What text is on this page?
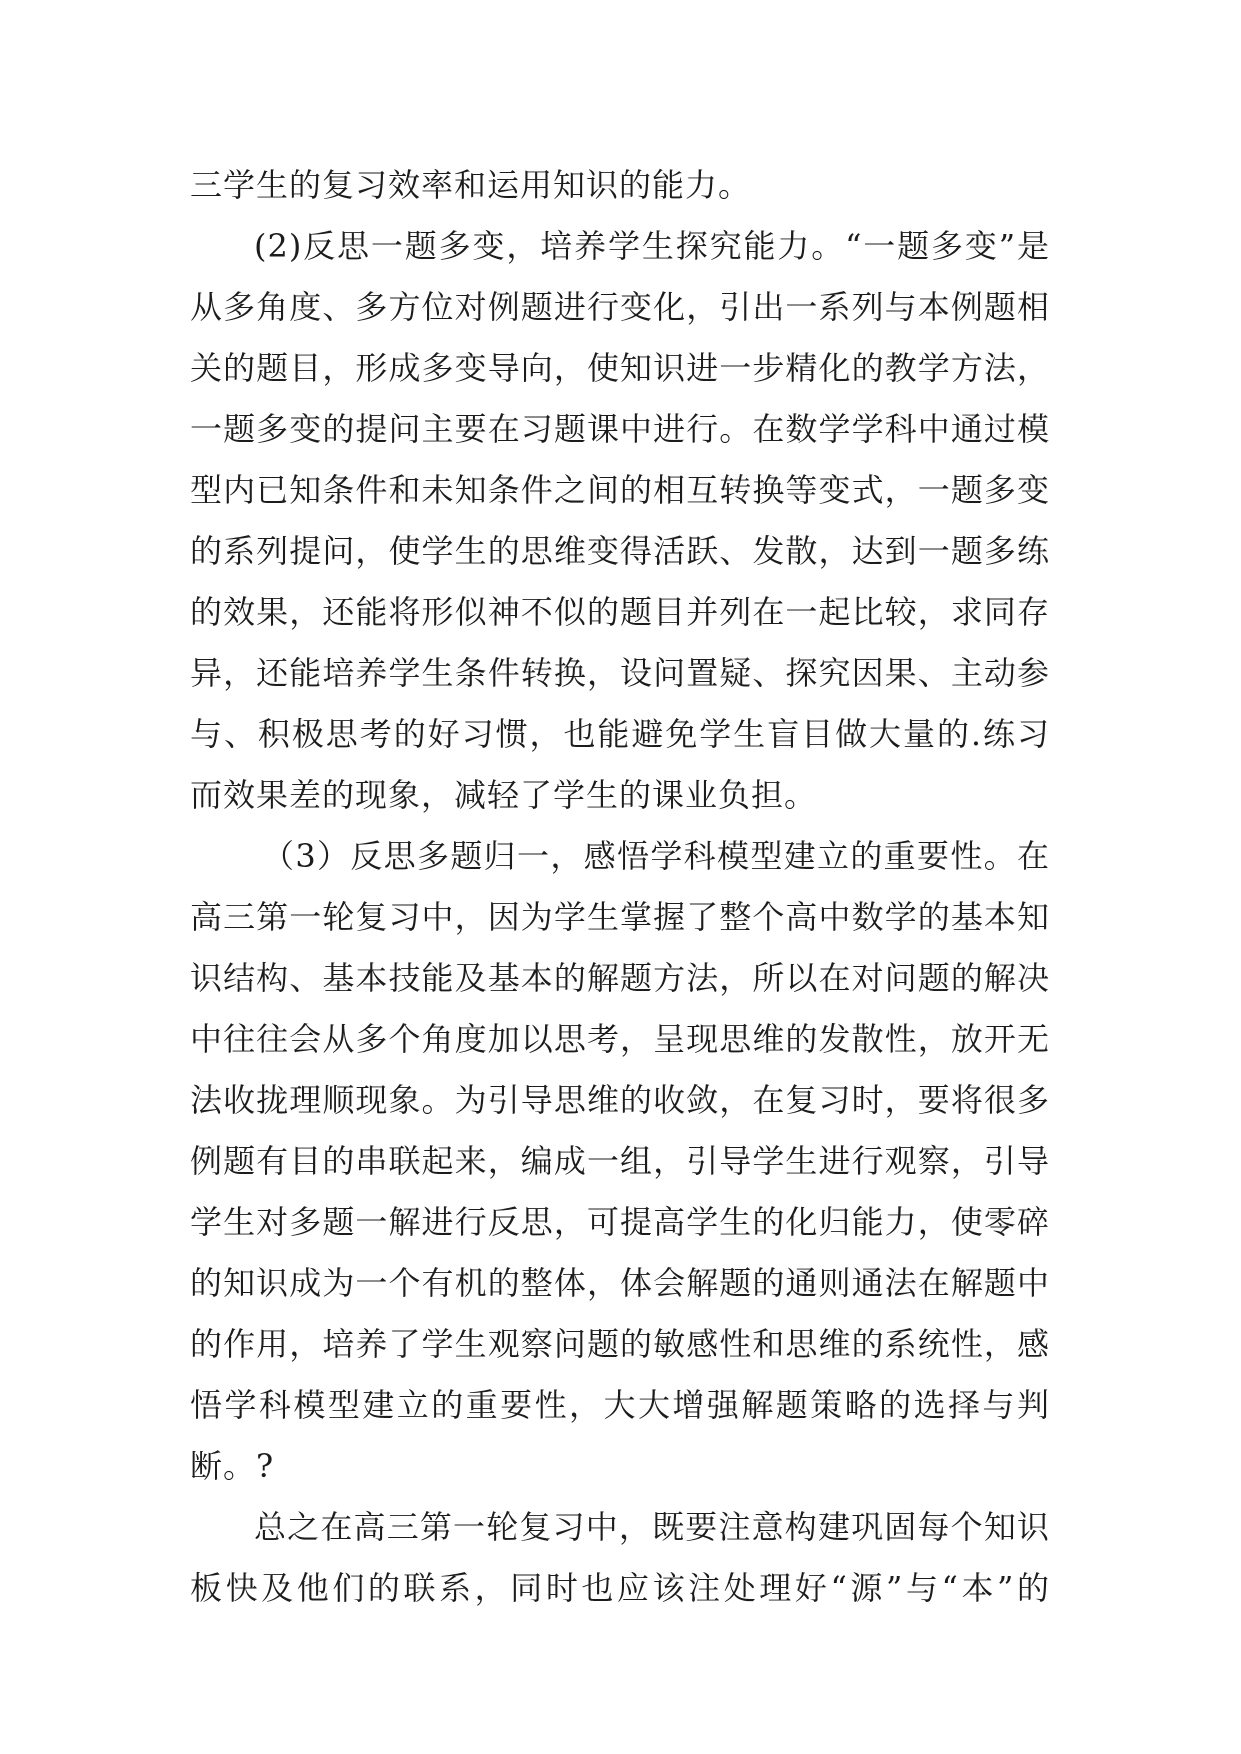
三学生的复习效率和运用知识的能力。
(2)反思一题多变，培养学生探究能力。“一题多变”是
从多角度、多方位对例题进行变化，引出一系列与本例题相
关的题目，形成多变导向，使知识进一步精化的教学方法，
一题多变的提问主要在习题课中进行。在数学学科中通过模
型内已知条件和未知条件之间的相互转换等变式，一题多变
的系列提问，使学生的思维变得活跃、发散，达到一题多练
的效果，还能将形似神不似的题目并列在一起比较，求同存
异，还能培养学生条件转换，设问置疑、探究因果、主动参
与、积极思考的好习惯，也能避免学生盲目做大量的.练习
而效果差的现象，减轻了学生的课业负担。
（3）反思多题归一，感悟学科模型建立的重要性。在
高三第一轮复习中，因为学生掌握了整个高中数学的基本知
识结构、基本技能及基本的解题方法，所以在对问题的解决
中往往会从多个角度加以思考，呈现思维的发散性，放开无
法收拢理顺现象。为引导思维的收敛，在复习时，要将很多
例题有目的串联起来，编成一组，引导学生进行观察，引导
学生对多题一解进行反思，可提高学生的化归能力，使零碎
的知识成为一个有机的整体，体会解题的通则通法在解题中
的作用，培养了学生观察问题的敏感性和思维的系统性，感
悟学科模型建立的重要性，大大增强解题策略的选择与判
断。?
总之在高三第一轮复习中，既要注意构建巩固每个知识
板快及他们的联系，同时也应该注处理好“源”与“本”的
